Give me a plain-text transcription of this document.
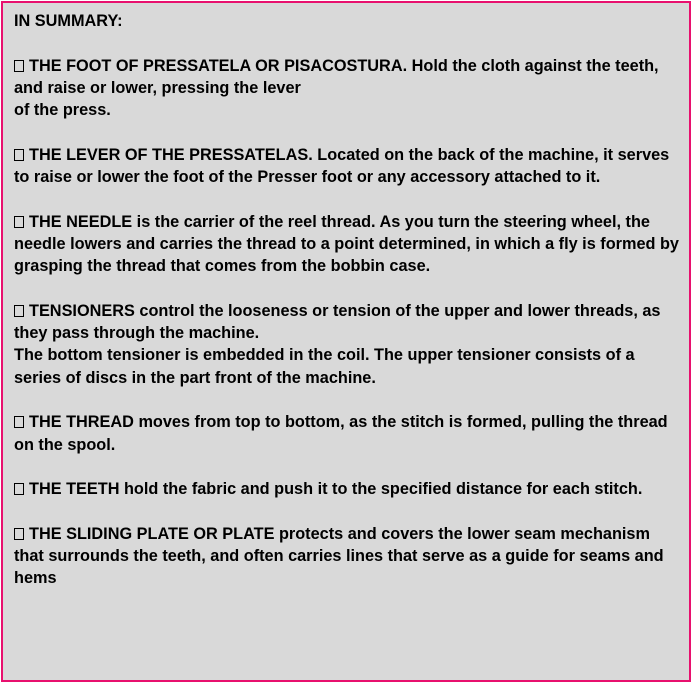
IN SUMMARY:
THE FOOT OF PRESSATELA OR PISACOSTURA. Hold the cloth against the teeth, and raise or lower, pressing the lever
of the press.
THE LEVER OF THE PRESSATELAS. Located on the back of the machine, it serves to raise or lower the foot of the Presser foot or any accessory attached to it.
THE NEEDLE is the carrier of the reel thread. As you turn the steering wheel, the needle lowers and carries the thread to a point determined, in which a fly is formed by grasping the thread that comes from the bobbin case.
TENSIONERS control the looseness or tension of the upper and lower threads, as they pass through the machine.
The bottom tensioner is embedded in the coil. The upper tensioner consists of a series of discs in the part front of the machine.
THE THREAD moves from top to bottom, as the stitch is formed, pulling the thread on the spool.
THE TEETH hold the fabric and push it to the specified distance for each stitch.
THE SLIDING PLATE OR PLATE protects and covers the lower seam mechanism that surrounds the teeth, and often carries lines that serve as a guide for seams and hems
